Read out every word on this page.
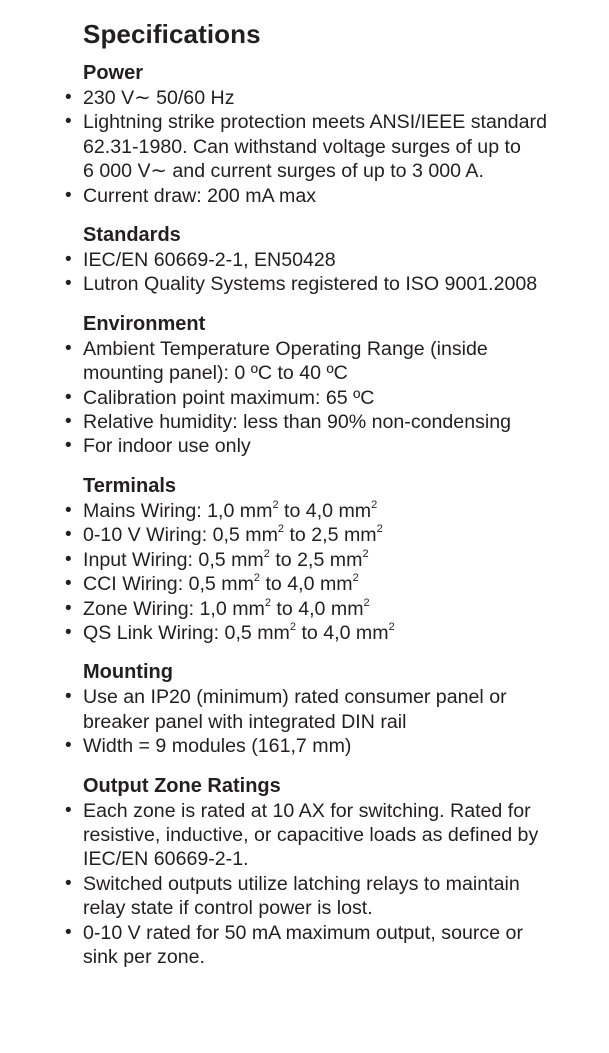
Specifications
Power
• 230 V∼ 50/60 Hz
• Lightning strike protection meets ANSI/IEEE standard
62.31-1980. Can withstand voltage surges of up to
6 000 V∼ and current surges of up to 3 000 A.
• Current draw: 200 mA max
Standards
• IEC/EN 60669-2-1, EN50428
• Lutron Quality Systems registered to ISO 9001.2008
Environment
• Ambient Temperature Operating Range (inside
mounting panel): 0 ºC to 40 ºC
• Calibration point maximum: 65 ºC
• Relative humidity: less than 90% non-condensing
• For indoor use only
Terminals
• Mains Wiring: 1,0 $mm^2$ to 4,0 $mm^2$
• 0-10 V Wiring: 0,5 $mm^2$ to 2,5 $mm^2$
• Input Wiring: 0,5 $mm^2$ to 2,5 $mm^2$
• CCI Wiring: 0,5 $mm^2$ to 4,0 $mm^2$
• Zone Wiring: 1,0 $mm^2$ to 4,0 $mm^2$
• QS Link Wiring: 0,5 $mm^2$ to 4,0 $mm^2$
Mounting
• Use an IP20 (minimum) rated consumer panel or
breaker panel with integrated DIN rail
• Width = 9 modules (161,7 mm)
Output Zone Ratings
• Each zone is rated at 10 AX for switching. Rated for
resistive, inductive, or capacitive loads as defined by
IEC/EN 60669-2-1.
• Switched outputs utilize latching relays to maintain
relay state if control power is lost.
• 0-10 V rated for 50 mA maximum output, source or
sink per zone.
